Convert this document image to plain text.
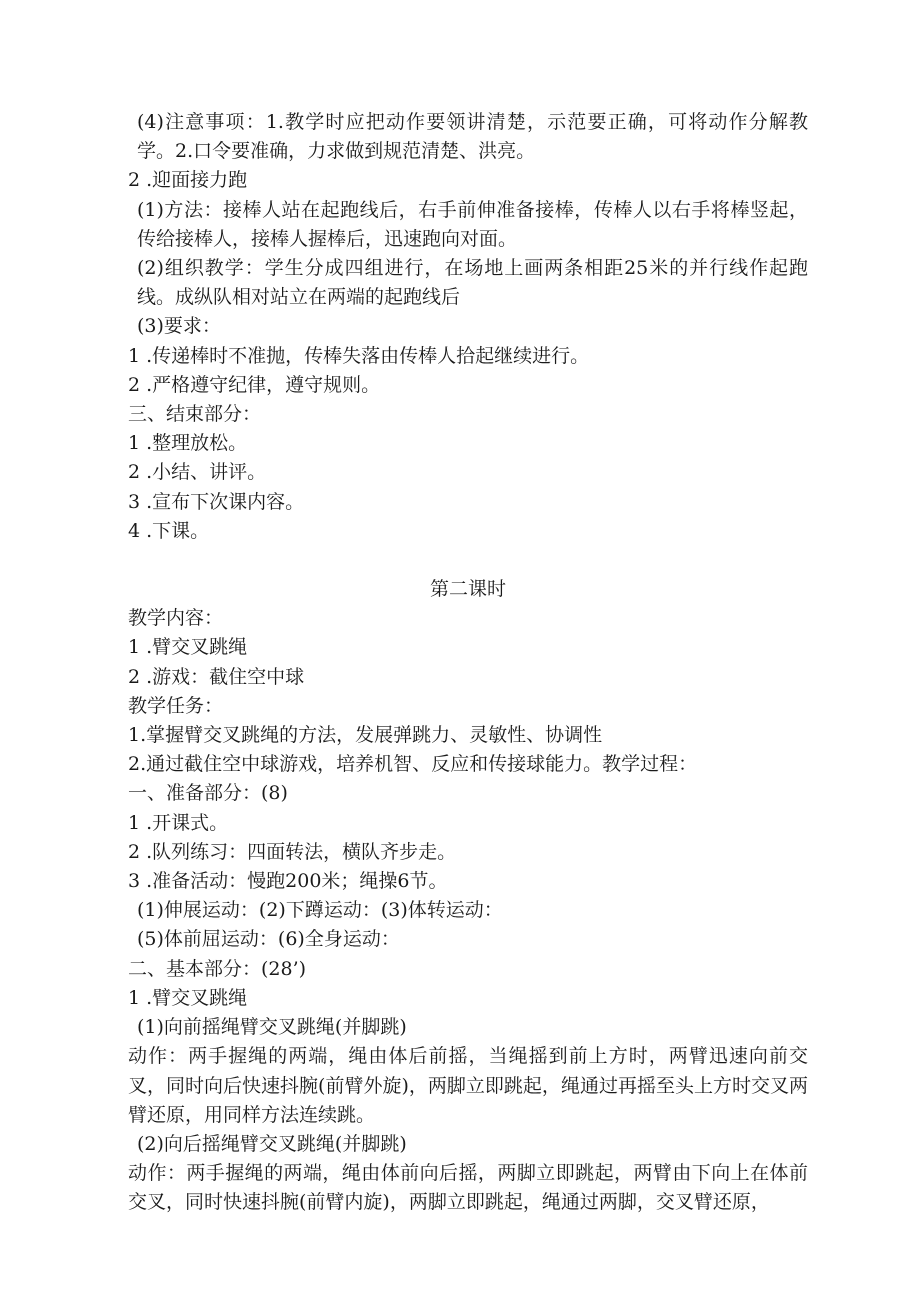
(4)注意事项：1.教学时应把动作要领讲清楚，示范要正确，可将动作分解教学。2.口令要准确，力求做到规范清楚、洪亮。
2 .迎面接力跑
(1)方法：接棒人站在起跑线后，右手前伸准备接棒，传棒人以右手将棒竖起，传给接棒人，接棒人握棒后，迅速跑向对面。
(2)组织教学：学生分成四组进行，在场地上画两条相距25米的并行线作起跑线。成纵队相对站立在两端的起跑线后
(3)要求：
1 .传递棒时不准抛，传棒失落由传棒人拾起继续进行。
2 .严格遵守纪律，遵守规则。
三、结束部分：
1 .整理放松。
2 .小结、讲评。
3 .宣布下次课内容。
4 .下课。
第二课时
教学内容：
1 .臂交叉跳绳
2 .游戏：截住空中球
教学任务：
1.掌握臂交叉跳绳的方法，发展弹跳力、灵敏性、协调性
2.通过截住空中球游戏，培养机智、反应和传接球能力。教学过程：
一、准备部分：(8)
1 .开课式。
2 .队列练习：四面转法，横队齐步走。
3 .准备活动：慢跑200米；绳操6节。
(1)伸展运动：(2)下蹲运动：(3)体转运动：
(5)体前屈运动：(6)全身运动：
二、基本部分：(28’)
1 .臂交叉跳绳
(1)向前摇绳臂交叉跳绳(并脚跳)
动作：两手握绳的两端，绳由体后前摇，当绳摇到前上方时，两臂迅速向前交叉，同时向后快速抖腕(前臂外旋)，两脚立即跳起，绳通过再摇至头上方时交叉两臂还原，用同样方法连续跳。
(2)向后摇绳臂交叉跳绳(并脚跳)
动作：两手握绳的两端，绳由体前向后摇，两脚立即跳起，两臂由下向上在体前交叉，同时快速抖腕(前臂内旋)，两脚立即跳起，绳通过两脚，交叉臂还原，
